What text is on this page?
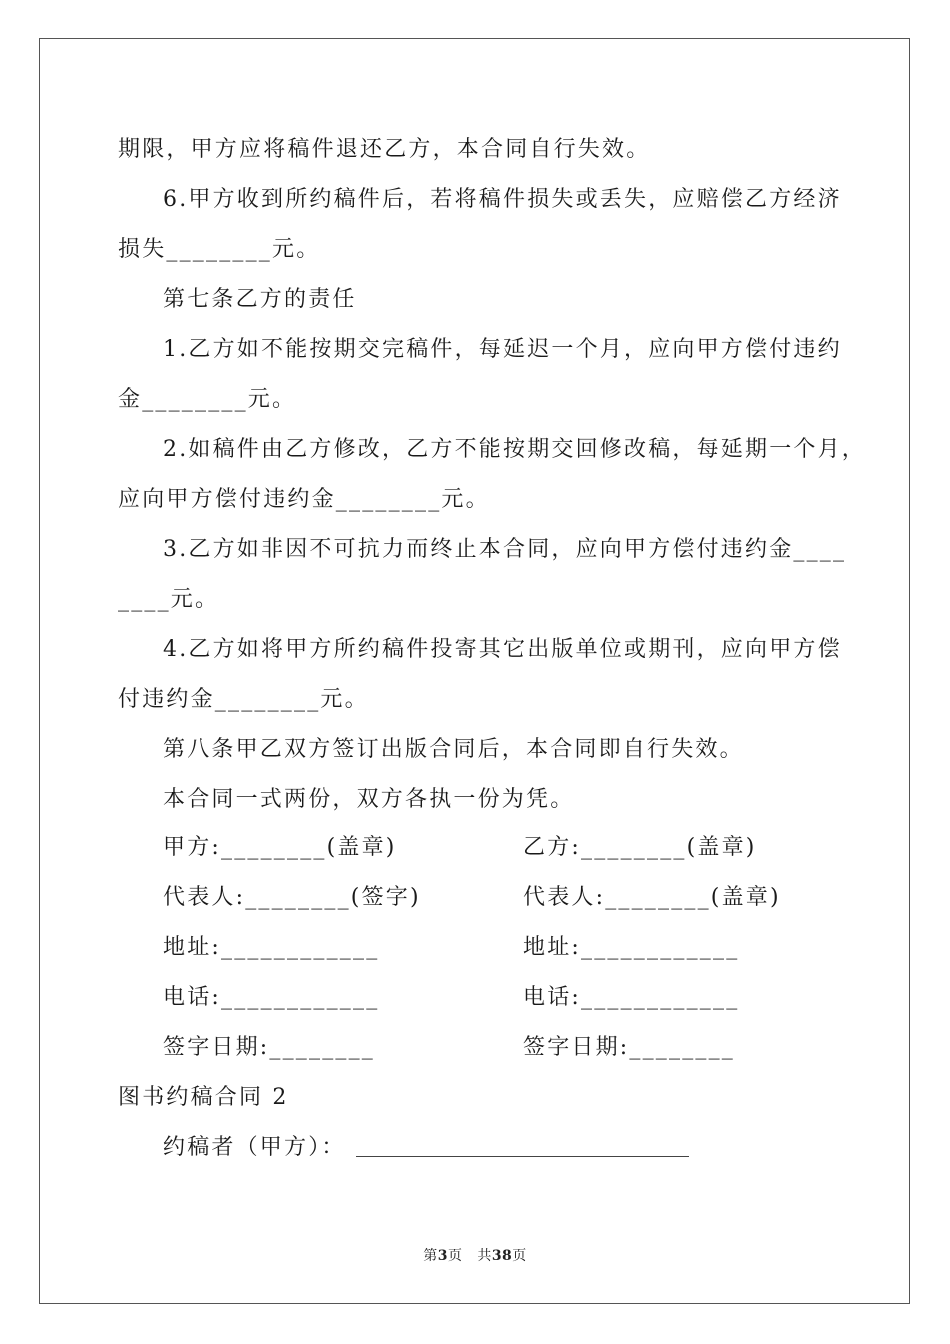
期限，甲方应将稿件退还乙方，本合同自行失效。
6.甲方收到所约稿件后，若将稿件损失或丢失，应赔偿乙方经济
损失________元。
第七条乙方的责任
1.乙方如不能按期交完稿件，每延迟一个月，应向甲方偿付违约
金________元。
2.如稿件由乙方修改，乙方不能按期交回修改稿，每延期一个月，
应向甲方偿付违约金________元。
3.乙方如非因不可抗力而终止本合同，应向甲方偿付违约金____
____元。
4.乙方如将甲方所约稿件投寄其它出版单位或期刊，应向甲方偿
付违约金________元。
第八条甲乙双方签订出版合同后，本合同即自行失效。
本合同一式两份，双方各执一份为凭。
甲方:________(盖章)
代表人:________(签字)
地址:____________
电话:____________
签字日期:________
乙方:________(盖章)
代表人:________(盖章)
地址:____________
电话:____________
签字日期:________
图书约稿合同 2
约稿者（甲方）：
第3页 共38页
